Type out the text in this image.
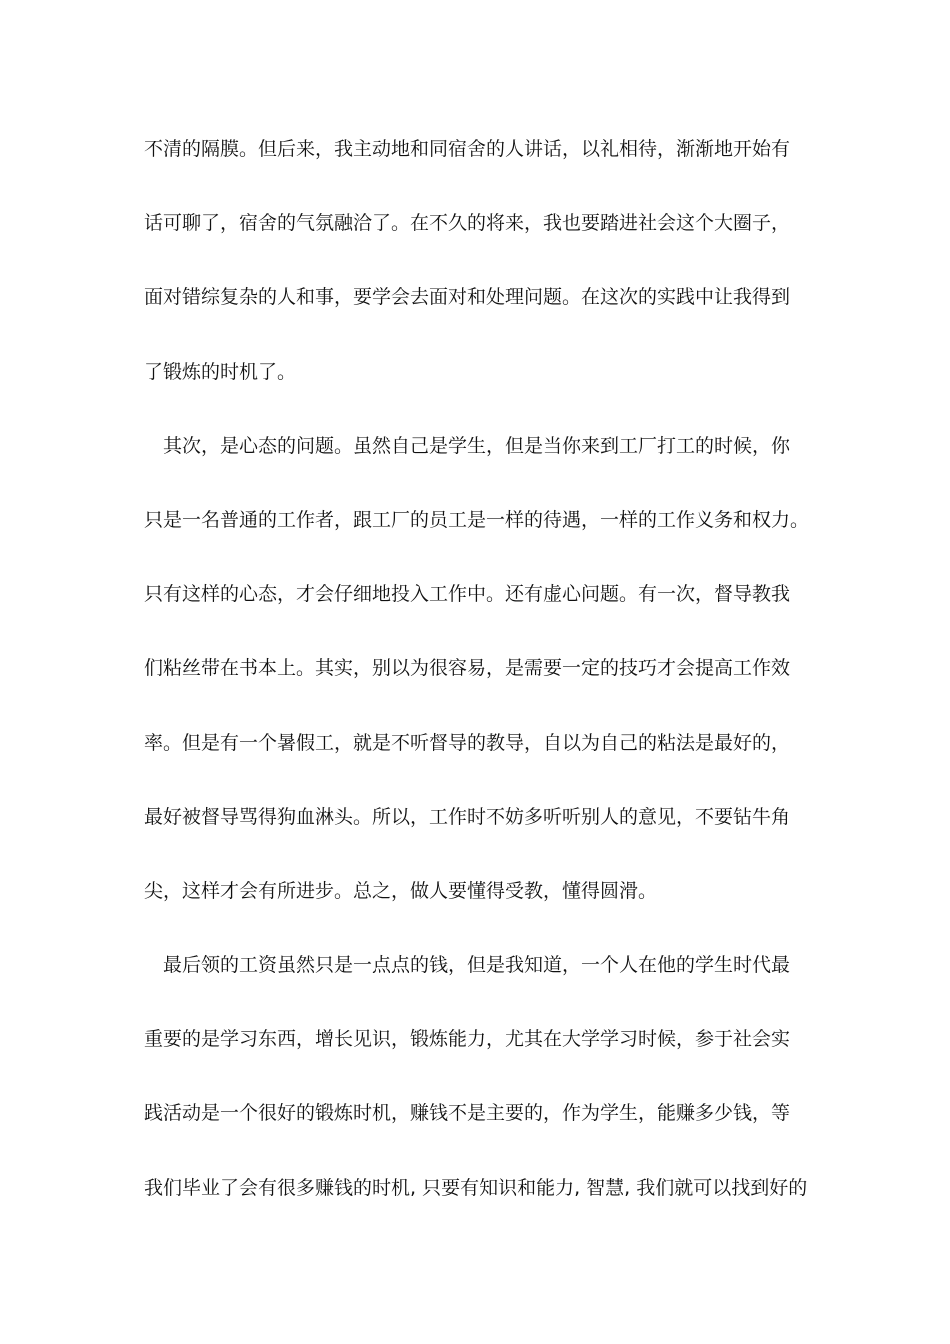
不清的隔膜。但后来，我主动地和同宿舍的人讲话，以礼相待，渐渐地开始有
话可聊了，宿舍的气氛融洽了。在不久的将来，我也要踏进社会这个大圈子，
面对错综复杂的人和事，要学会去面对和处理问题。在这次的实践中让我得到
了锻炼的时机了。
其次，是心态的问题。虽然自己是学生，但是当你来到工厂打工的时候，你
只是一名普通的工作者，跟工厂的员工是一样的待遇，一样的工作义务和权力。
只有这样的心态，才会仔细地投入工作中。还有虚心问题。有一次，督导教我
们粘丝带在书本上。其实，别以为很容易，是需要一定的技巧才会提高工作效
率。但是有一个暑假工，就是不听督导的教导，自以为自己的粘法是最好的，
最好被督导骂得狗血淋头。所以，工作时不妨多听听别人的意见，不要钻牛角
尖，这样才会有所进步。总之，做人要懂得受教，懂得圆滑。
最后领的工资虽然只是一点点的钱，但是我知道，一个人在他的学生时代最
重要的是学习东西，增长见识，锻炼能力，尤其在大学学习时候，参于社会实
践活动是一个很好的锻炼时机，赚钱不是主要的，作为学生，能赚多少钱，等
我们毕业了会有很多赚钱的时机, 只要有知识和能力, 智慧, 我们就可以找到好的
